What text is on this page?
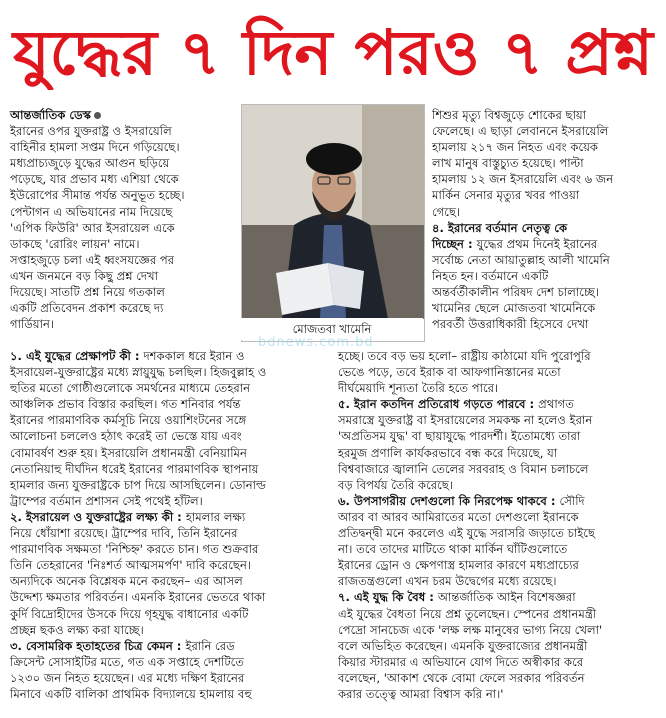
যুদ্ধের ৭ দিন পরও ৭ প্রশ্ন

আন্তর্জাতিক ডেস্ক

ইরানের ওপর যুক্তরাষ্ট্র ও ইসরায়েলি

বাহিনীর হামলা সপ্তম দিনে গড়িয়েছে।

মধ্যপ্রাচ্যজুড়ে যুদ্ধের আগুন ছড়িয়ে

পড়েছে, যার প্রভাব মধ্য এশিয়া থেকে

ইউরোপের সীমান্ত পর্যন্ত অনুভূত হচ্ছে।

পেন্টাগন এ অভিযানের নাম দিয়েছে

'এপিক ফিউরি' আর ইসরায়েল একে

ডাকছে 'রোরিং লায়ন' নামে।

সপ্তাহজুড়ে চলা এই ধ্বংসযজ্ঞের পর

এখন জনমনে বড় কিছু প্রশ্ন দেখা

দিয়েছে। সাতটি প্রশ্ন নিয়ে গতকাল

একটি প্রতিবেদন প্রকাশ করেছে দ্য

গার্ডিয়ান।	মোজতবা খামেনি
bdnews.com.bd

শিশুর মৃত্যু বিশ্বজুড়ে শোকের ছায়া

ফেলেছে। এ ছাড়া লেবাননে ইসরায়েলি

হামলায় ২১৭ জন নিহত এবং কয়েক

লাখ মানুষ বাস্তুচ্যুত হয়েছে। পাল্টা

হামলায় ১২ জন ইসরায়েলি এবং ৬ জন

মার্কিন সেনার মৃত্যুর খবর পাওয়া

গেছে।

৪. ইরানের বর্তমান নেতৃত্ব কে

দিচ্ছেন : যুদ্ধের প্রথম দিনেই ইরানের

সর্বোচ্চ নেতা আয়াতুল্লাহ আলী খামেনি

নিহত হন। বর্তমানে একটি

অন্তর্বর্তীকালীন পরিষদ দেশ চালাচ্ছে।

খামেনির ছেলে মোজতবা খামেনিকে

পরবর্তী উত্তরাধিকারী হিসেবে দেখা

১. এই যুদ্ধের প্রেক্ষাপট কী : দশককাল ধরে ইরান ও

ইসরায়েল-যুক্তরাষ্ট্রের মধ্যে স্নায়ুযুদ্ধ চলছিল। হিজবুল্লাহ ও

হুতির মতো গোষ্ঠীগুলোকে সমর্থনের মাধ্যমে তেহরান

আঞ্চলিক প্রভাব বিস্তার করছিল। গত শনিবার পর্যন্ত

ইরানের পারমাণবিক কর্মসূচি নিয়ে ওয়াশিংটনের সঙ্গে

আলোচনা চললেও হঠাৎ করেই তা ভেস্তে যায় এবং

বোমাবর্ষণ শুরু হয়। ইসরায়েলি প্রধানমন্ত্রী বেনিয়ামিন

নেতানিয়াহু দীর্ঘদিন ধরেই ইরানের পারমাণবিক স্থাপনায়

হামলার জন্য যুক্তরাষ্ট্রকে চাপ দিয়ে আসছিলেন। ডোনাল্ড

ট্রাম্পের বর্তমান প্রশাসন সেই পথেই হাঁটল।

২. ইসরায়েল ও যুক্তরাষ্ট্রের লক্ষ্য কী : হামলার লক্ষ্য

নিয়ে ধোঁয়াশা রয়েছে। ট্রাম্পের দাবি, তিনি ইরানের

পারমাণবিক সক্ষমতা 'নিশ্চিহ্ন' করতে চান। গত শুক্রবার

তিনি তেহরানের 'নিঃশর্ত আত্মসমর্পণ' দাবি করেছেন।

অন্যদিকে অনেক বিশ্লেষক মনে করছেন– এর আসল

উদ্দেশ্য ক্ষমতার পরিবর্তন। এমনকি ইরানের ভেতরে থাকা

কুর্দি বিদ্রোহীদের উসকে দিয়ে গৃহযুদ্ধ বাধানোর একটি

প্রচ্ছন্ন ছকও লক্ষ্য করা যাচ্ছে।

৩. বেসামরিক হতাহতের চিত্র কেমন : ইরানি রেড

ক্রিসেন্ট সোসাইটির মতে, গত এক সপ্তাহে দেশটিতে

১২৩০ জন নিহত হয়েছেন। এর মধ্যে দক্ষিণ ইরানের

মিনাবে একটি বালিকা প্রাথমিক বিদ্যালয়ে হামলায় বহু

হচ্ছে। তবে বড় ভয় হলো– রাষ্ট্রীয় কাঠামো যদি পুরোপুরি

ভেঙে পড়ে, তবে ইরাক বা আফগানিস্তানের মতো

দীর্ঘমেয়াদি শূন্যতা তৈরি হতে পারে।

৫. ইরান কতদিন প্রতিরোধ গড়তে পারবে : প্রথাগত

সমরাস্ত্রে যুক্তরাষ্ট্র বা ইসরায়েলের সমকক্ষ না হলেও ইরান

'অপ্রতিসম যুদ্ধ' বা ছায়াযুদ্ধে পারদর্শী। ইতোমধ্যে তারা

হরমুজ প্রণালি কার্যকরভাবে বন্ধ করে দিয়েছে, যা

বিশ্ববাজারে জ্বালানি তেলের সরবরাহ ও বিমান চলাচলে

বড় বিপর্যয় তৈরি করেছে।

৬. উপসাগরীয় দেশগুলো কি নিরপেক্ষ থাকবে : সৌদি

আরব বা আরব আমিরাতের মতো দেশগুলো ইরানকে

প্রতিদ্বন্দ্বী মনে করলেও এই যুদ্ধে সরাসরি জড়াতে চাইছে

না। তবে তাদের মাটিতে থাকা মার্কিন ঘাঁটিগুলোতে

ইরানের ড্রোন ও ক্ষেপণাস্ত্র হামলার কারণে মধ্যপ্রাচ্যের

রাজতন্ত্রগুলো এখন চরম উদ্বেগের মধ্যে রয়েছে।

৭. এই যুদ্ধ কি বৈধ : আন্তর্জাতিক আইন বিশেষজ্ঞরা

এই যুদ্ধের বৈধতা নিয়ে প্রশ্ন তুলেছেন। স্পেনের প্রধানমন্ত্রী

পেদ্রো সানচেজ একে 'লক্ষ লক্ষ মানুষের ভাগ্য নিয়ে খেলা'

বলে অভিহিত করেছেন। এমনকি যুক্তরাজ্যের প্রধানমন্ত্রী

কিয়ার স্টারমার এ অভিযানে যোগ দিতে অস্বীকার করে

বলেছেন, 'আকাশ থেকে বোমা ফেলে সরকার পরিবর্তন

করার তত্ত্বে আমরা বিশ্বাস করি না।'
